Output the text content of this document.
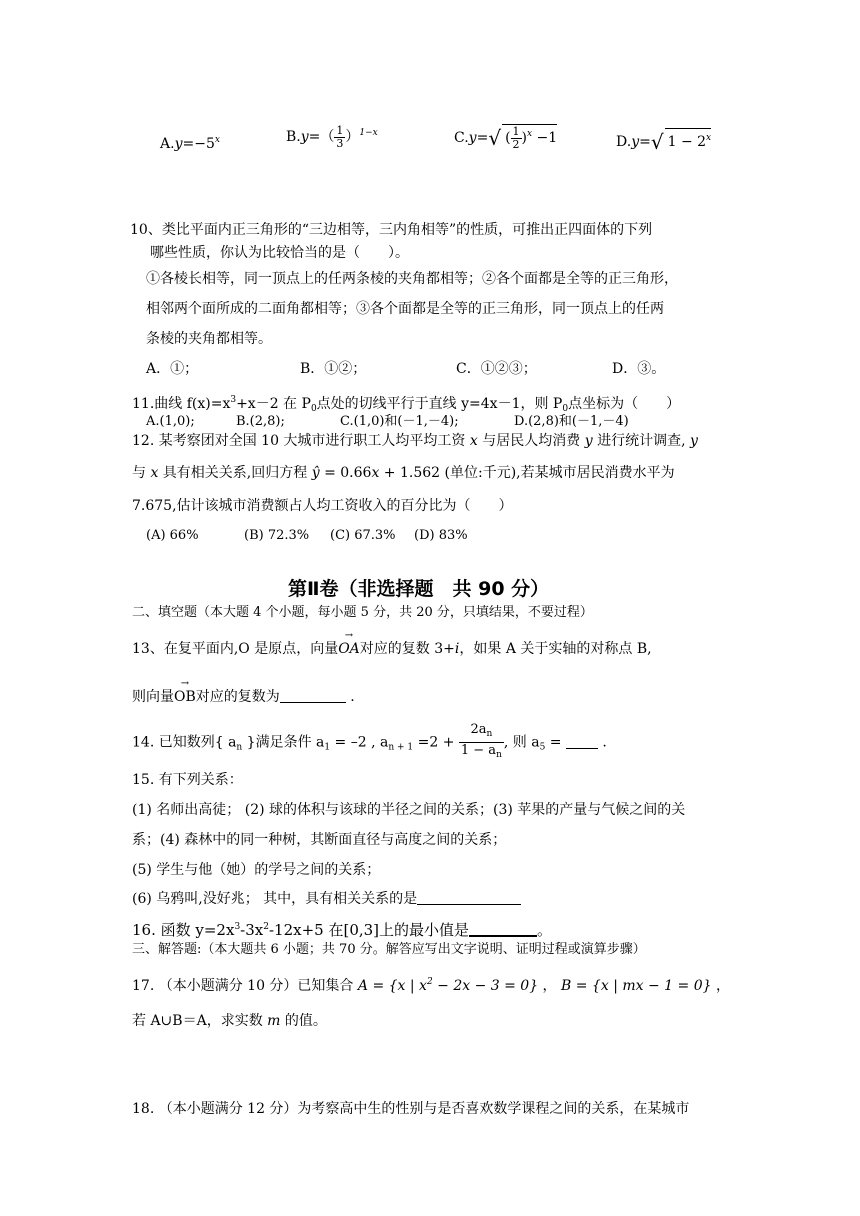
$A.y=-5^x$	$B.y=( \frac{1}{3} )^{1-x}$	C.y=√ ( $\frac{1}{2} )^x -1$	D.y=√ $1 - 2^x$
10、类比平面内正三角形的“三边相等，三内角相等”的性质，可推出正四面体的下列
哪些性质，你认为比较恰当的是（　　）。
①各棱长相等，同一顶点上的任两条棱的夹角都相等；②各个面都是全等的正三角形，
相邻两个面所成的二面角都相等；③各个面都是全等的正三角形，同一顶点上的任两
条棱的夹角都相等。
A．①；	B．①②；	C．①②③；	D．③。
11.曲线 $f(x)=x^3+x-2$ 在 $P_0$点处的切线平行于直线 y=4x－1，则 $P_0$点坐标为（　　）
A.(1,0);	B.(2,8);	C.(1,0)和(－1,－4);	D.(2,8)和(－1,－4)
12. 某考察团对全国 10 大城市进行职工人均平均工资 x 与居民人均消费 y 进行统计调查, y
与 x 具有相关关系,回归方程 ŷ = 0.66x + 1.562 (单位:千元),若某城市居民消费水平为
7.675,估计该城市消费额占人均工资收入的百分比为（　　）
(A) 66%	(B) 72.3% (C) 67.3% (D) 83%
第Ⅱ卷（非选择题　共 90 分）
二、填空题（本大题 4 个小题，每小题 5 分，共 20 分，只填结果，不要过程）
13、在复平面内,O 是原点，向量
→
OA对应的复数 3+i，如果 A 关于实轴的对称点 B,
则向量
→
OB对应的复数为	.
14. 已知数列{ $a_n$ }满足条件 $a_1 = -2$ , $a_{n + 1} =2 + \frac{2a_n}{1 - a_n}$ , 则 $a_5$ =  .
15. 有下列关系：
(1) 名师出高徒； (2) 球的体积与该球的半径之间的关系；(3) 苹果的产量与气候之间的关
系；(4) 森林中的同一种树，其断面直径与高度之间的关系；
(5) 学生与他（她）的学号之间的关系；
(6) 乌鸦叫,没好兆； 其中，具有相关关系的是
16. 函数 $y=2x^3-3x^2-12x+5$ 在[0,3]上的最小值是	。
三、解答题:（本大题共 6 小题；共 70 分。解答应写出文字说明、证明过程或演算步骤）
17. （本小题满分 10 分）已知集合 A = {x | $x^2 - 2x - 3 = 0$} ， B = {x | mx − 1 = 0} ，
若 A∪B＝A，求实数 m 的值。
18. （本小题满分 12 分）为考察高中生的性别与是否喜欢数学课程之间的关系，在某城市
